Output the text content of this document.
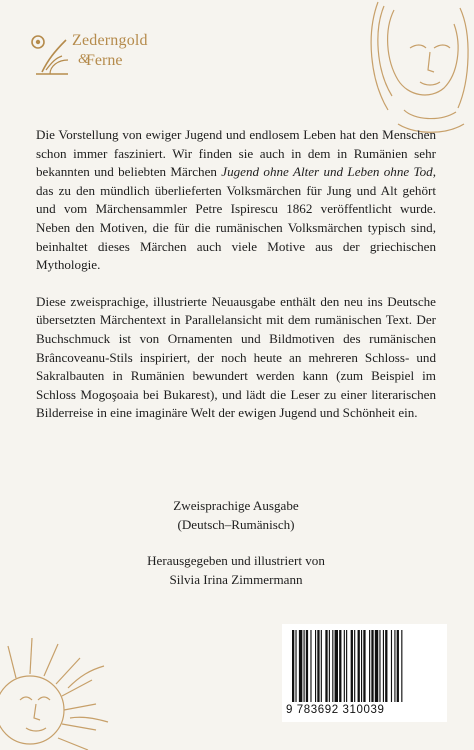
Zederngold
&
Ferne

Die Vorstellung von ewiger Jugend und endlosem Leben hat den Menschen schon immer fasziniert. Wir finden sie auch in dem in Rumänien sehr bekannten und beliebten Märchen Jugend ohne Alter und Leben ohne Tod, das zu den mündlich überlieferten Volksmärchen für Jung und Alt gehört und vom Märchensammler Petre Ispirescu 1862 veröffentlicht wurde. Neben den Motiven, die für die rumänischen Volksmärchen typisch sind, beinhaltet dieses Märchen auch viele Motive aus der griechischen Mythologie.

Diese zweisprachige, illustrierte Neuausgabe enthält den neu ins Deutsche übersetzten Märchentext in Parallelansicht mit dem rumänischen Text. Der Buchschmuck ist von Ornamenten und Bildmotiven des rumänischen Brâncoveanu-Stils inspiriert, der noch heute an mehreren Schloss- und Sakralbauten in Rumänien bewundert werden kann (zum Beispiel im Schloss Mogoşoaia bei Bukarest), und lädt die Leser zu einer literarischen Bilderreise in eine imaginäre Welt der ewigen Jugend und Schönheit ein.

Zweisprachige Ausgabe
(Deutsch–Rumänisch)
Herausgegeben und illustriert von
Silvia Irina Zimmermann
9 783692 310039
